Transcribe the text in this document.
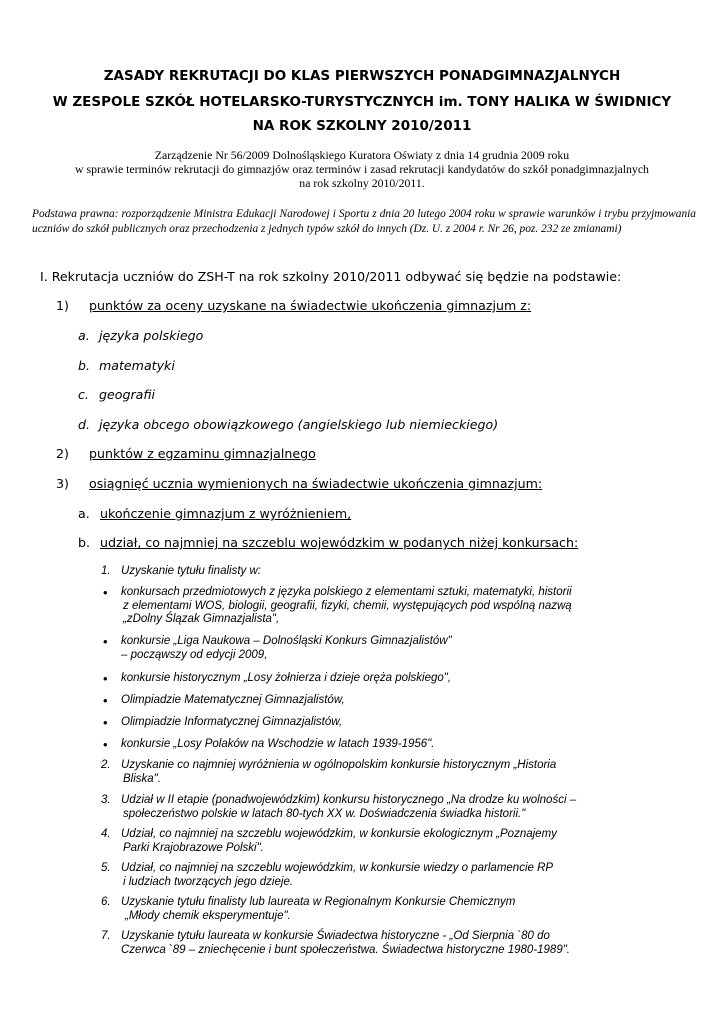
ZASADY REKRUTACJI DO KLAS PIERWSZYCH PONADGIMNAZJALNYCH
W ZESPOLE SZKÓŁ HOTELARSKO-TURYSTYCZNYCH im. TONY HALIKA W ŚWIDNICY
NA ROK SZKOLNY 2010/2011
Zarządzenie Nr 56/2009 Dolnośląskiego Kuratora Oświaty z dnia 14 grudnia 2009 roku
w sprawie terminów rekrutacji do gimnazjów oraz terminów i zasad rekrutacji kandydatów do szkół ponadgimnazjalnych
na rok szkolny 2010/2011.
Podstawa prawna: rozporządzenie Ministra Edukacji Narodowej i Sportu z dnia 20 lutego 2004 roku w sprawie warunków i trybu przyjmowania uczniów do szkół publicznych oraz przechodzenia z jednych typów szkół do innych (Dz. U. z 2004 r. Nr 26, poz. 232 ze zmianami)
I. Rekrutacja uczniów do ZSH-T na rok szkolny 2010/2011 odbywać się będzie na podstawie:
1) punktów za oceny uzyskane na świadectwie ukończenia gimnazjum z:
a. języka polskiego
b. matematyki
c. geografii
d. języka obcego obowiązkowego (angielskiego lub niemieckiego)
2) punktów z egzaminu gimnazjalnego
3) osiągnięć ucznia wymienionych na świadectwie ukończenia gimnazjum:
a. ukończenie gimnazjum z wyróżnieniem,
b. udział, co najmniej na szczeblu wojewódzkim w podanych niżej konkursach:
1. Uzyskanie tytułu finalisty w:
• konkursach przedmiotowych z języka polskiego z elementami sztuki, matematyki, historii
z elementami WOS, biologii, geografii, fizyki, chemii, występujących pod wspólną nazwą
„zDolny Ślązak Gimnazjalista",
• konkursie „Liga Naukowa – Dolnośląski Konkurs Gimnazjalistów"
– począwszy od edycji 2009,
• konkursie historycznym „Losy żołnierza i dzieje oręża polskiego",
• Olimpiadzie Matematycznej Gimnazjalistów,
• Olimpiadzie Informatycznej Gimnazjalistów,
• konkursie „Losy Polaków na Wschodzie w latach 1939-1956".
2. Uzyskanie co najmniej wyróżnienia w ogólnopolskim konkursie historycznym „Historia
Bliska".
3. Udział w II etapie (ponadwojewódzkim) konkursu historycznego „Na drodze ku wolności –
społeczeństwo polskie w latach 80-tych XX w. Doświadczenia świadka historii."
4. Udział, co najmniej na szczeblu wojewódzkim, w konkursie ekologicznym „Poznajemy
Parki Krajobrazowe Polski".
5. Udział, co najmniej na szczeblu wojewódzkim, w konkursie wiedzy o parlamencie RP
i ludziach tworzących jego dzieje.
6. Uzyskanie tytułu finalisty lub laureata w Regionalnym Konkursie Chemicznym
„Młody chemik eksperymentuje".
7. Uzyskanie tytułu laureata w konkursie Świadectwa historyczne - „Od Sierpnia `80 do
Czerwca `89 – zniechęcenie i bunt społeczeństwa. Świadectwa historyczne 1980-1989".
